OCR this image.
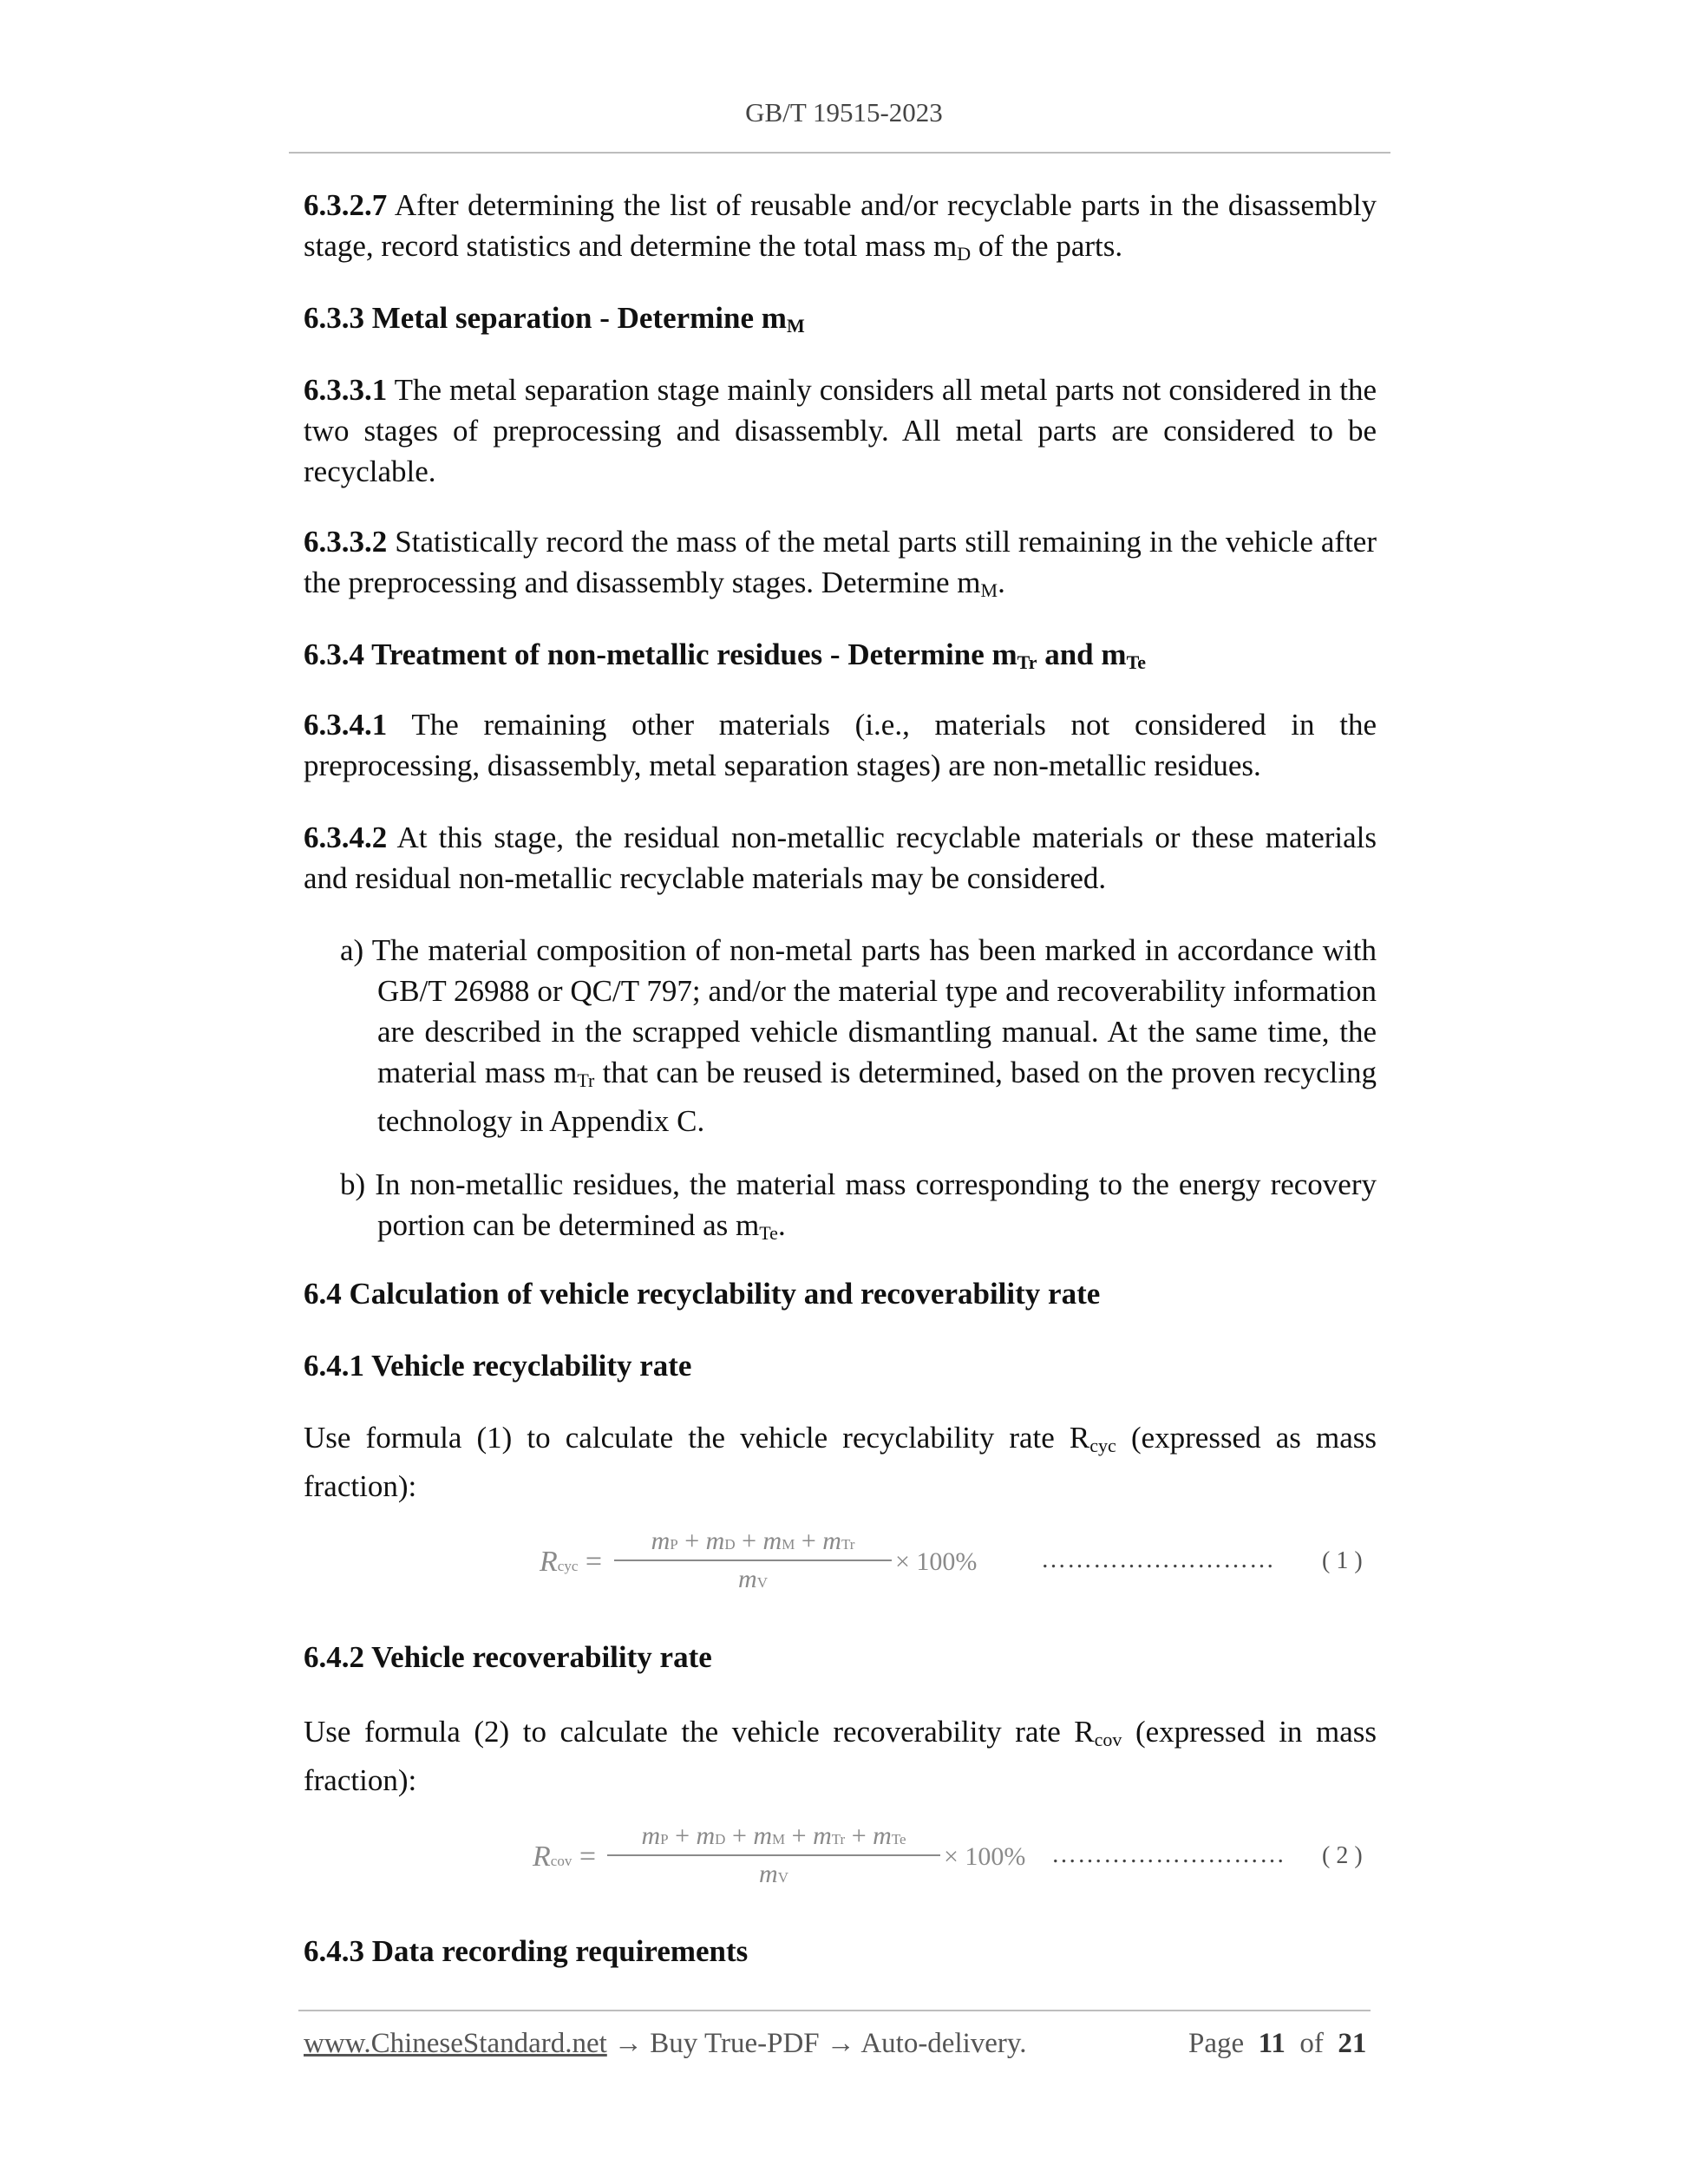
GB/T 19515-2023
6.3.2.7 After determining the list of reusable and/or recyclable parts in the disassembly stage, record statistics and determine the total mass $m_D$ of the parts.
6.3.3 Metal separation - Determine $m_M$
6.3.3.1 The metal separation stage mainly considers all metal parts not considered in the two stages of preprocessing and disassembly. All metal parts are considered to be recyclable.
6.3.3.2 Statistically record the mass of the metal parts still remaining in the vehicle after the preprocessing and disassembly stages. Determine $m_M$.
6.3.4 Treatment of non-metallic residues - Determine $m_{Tr}$ and $m_{Te}$
6.3.4.1 The remaining other materials (i.e., materials not considered in the preprocessing, disassembly, metal separation stages) are non-metallic residues.
6.3.4.2 At this stage, the residual non-metallic recyclable materials or these materials and residual non-metallic recyclable materials may be considered.
a) The material composition of non-metal parts has been marked in accordance with GB/T 26988 or QC/T 797; and/or the material type and recoverability information are described in the scrapped vehicle dismantling manual. At the same time, the material mass $m_{Tr}$ that can be reused is determined, based on the proven recycling technology in Appendix C.
b) In non-metallic residues, the material mass corresponding to the energy recovery portion can be determined as $m_{Te}$.
6.4 Calculation of vehicle recyclability and recoverability rate
6.4.1 Vehicle recyclability rate
Use formula (1) to calculate the vehicle recyclability rate $R_{cyc}$ (expressed as mass fraction):
Rcyc =
mP + mD + mM + mTr
mV
× 100%	……………………… ( 1 )
6.4.2 Vehicle recoverability rate
Use formula (2) to calculate the vehicle recoverability rate $R_{cov}$ (expressed in mass fraction):
Rcov =
mP + mD + mM + mTr + mTe
mV
× 100% ……………………… ( 2 )
6.4.3 Data recording requirements
www.ChineseStandard.net → Buy True-PDF → Auto-delivery.	Page 11 of 21
